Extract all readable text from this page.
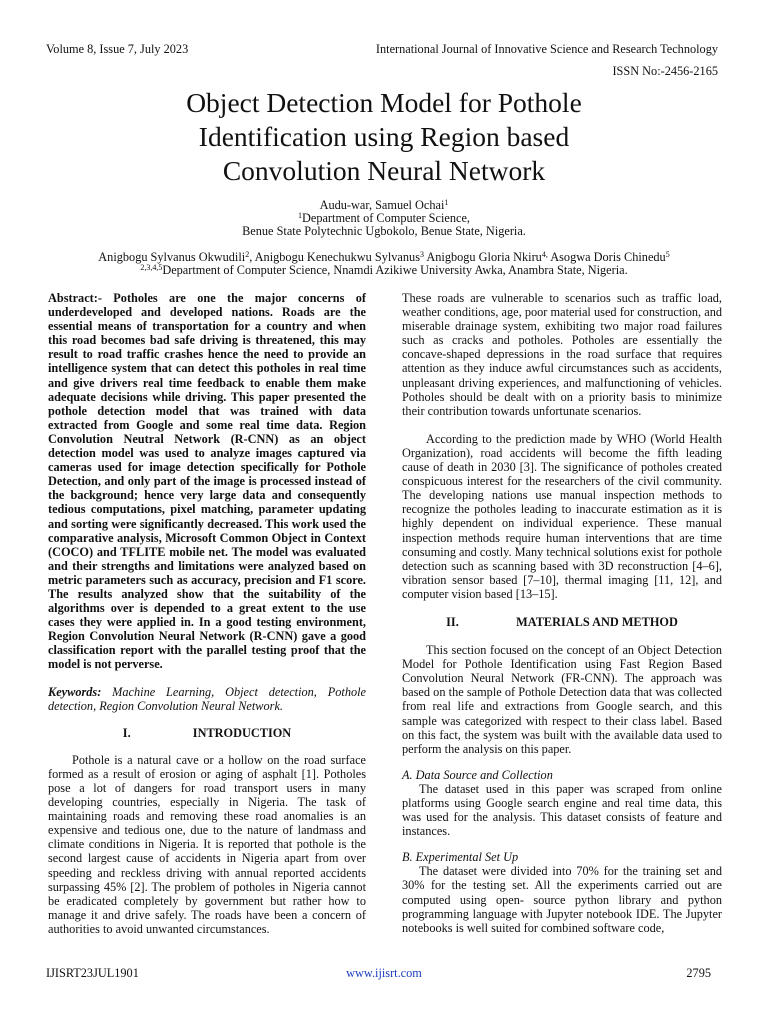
Volume 8, Issue 7, July 2023	International Journal of Innovative Science and Research Technology
ISSN No:-2456-2165
Object Detection Model for Pothole
Identification using Region based
Convolution Neural Network
Audu-war, Samuel Ochai$^1$
$^1$Department of Computer Science,
Benue State Polytechnic Ugbokolo, Benue State, Nigeria.
Anigbogu Sylvanus Okwudili$^2$, Anigbogu Kenechukwu Sylvanus$^3$ Anigbogu Gloria Nkiru$^{4,}$ Asogwa Doris Chinedu$^5$
$^{2,3,4,5}$Department of Computer Science, Nnamdi Azikiwe University Awka, Anambra State, Nigeria.

Abstract:- Potholes are one the major concerns of underdeveloped and developed nations. Roads are the essential means of transportation for a country and when this road becomes bad safe driving is threatened, this may result to road traffic crashes hence the need to provide an intelligence system that can detect this potholes in real time and give drivers real time feedback to enable them make adequate decisions while driving. This paper presented the pothole detection model that was trained with data extracted from Google and some real time data. Region Convolution Neutral Network (R-CNN) as an object detection model was used to analyze images captured via cameras used for image detection specifically for Pothole Detection, and only part of the image is processed instead of the background; hence very large data and consequently tedious computations, pixel matching, parameter updating and sorting were significantly decreased. This work used the comparative analysis, Microsoft Common Object in Context (COCO) and TFLITE mobile net. The model was evaluated and their strengths and limitations were analyzed based on metric parameters such as accuracy, precision and F1 score. The results analyzed show that the suitability of the algorithms over is depended to a great extent to the use cases they were applied in. In a good testing environment, Region Convolution Neural Network (R-CNN) gave a good classification report with the parallel testing proof that the model is not perverse.

Keywords: Machine Learning, Object detection, Pothole detection, Region Convolution Neural Network.

I.	INTRODUCTION

Pothole is a natural cave or a hollow on the road surface formed as a result of erosion or aging of asphalt [1]. Potholes pose a lot of dangers for road transport users in many developing countries, especially in Nigeria. The task of maintaining roads and removing these road anomalies is an expensive and tedious one, due to the nature of landmass and climate conditions in Nigeria. It is reported that pothole is the second largest cause of accidents in Nigeria apart from over speeding and reckless driving with annual reported accidents surpassing 45% [2]. The problem of potholes in Nigeria cannot be eradicated completely by government but rather how to manage it and drive safely. The roads have been a concern of authorities to avoid unwanted circumstances.

These roads are vulnerable to scenarios such as traffic load, weather conditions, age, poor material used for construction, and miserable drainage system, exhibiting two major road failures such as cracks and potholes. Potholes are essentially the concave-shaped depressions in the road surface that requires attention as they induce awful circumstances such as accidents, unpleasant driving experiences, and malfunctioning of vehicles. Potholes should be dealt with on a priority basis to minimize their contribution towards unfortunate scenarios.

According to the prediction made by WHO (World Health Organization), road accidents will become the fifth leading cause of death in 2030 [3]. The significance of potholes created conspicuous interest for the researchers of the civil community. The developing nations use manual inspection methods to recognize the potholes leading to inaccurate estimation as it is highly dependent on individual experience. These manual inspection methods require human interventions that are time consuming and costly. Many technical solutions exist for pothole detection such as scanning based with 3D reconstruction [4–6], vibration sensor based [7–10], thermal imaging [11, 12], and computer vision based [13–15].

II.	MATERIALS AND METHOD

This section focused on the concept of an Object Detection Model for Pothole Identification using Fast Region Based Convolution Neural Network (FR-CNN). The approach was based on the sample of Pothole Detection data that was collected from real life and extractions from Google search, and this sample was categorized with respect to their class label. Based on this fact, the system was built with the available data used to perform the analysis on this paper.

A. Data Source and Collection

The dataset used in this paper was scraped from online platforms using Google search engine and real time data, this was used for the analysis. This dataset consists of feature and instances.

B. Experimental Set Up

The dataset were divided into 70% for the training set and 30% for the testing set. All the experiments carried out are computed using open- source python library and python programming language with Jupyter notebook IDE. The Jupyter notebooks is well suited for combined software code,

IJISRT23JUL1901	www.ijisrt.com	2795
